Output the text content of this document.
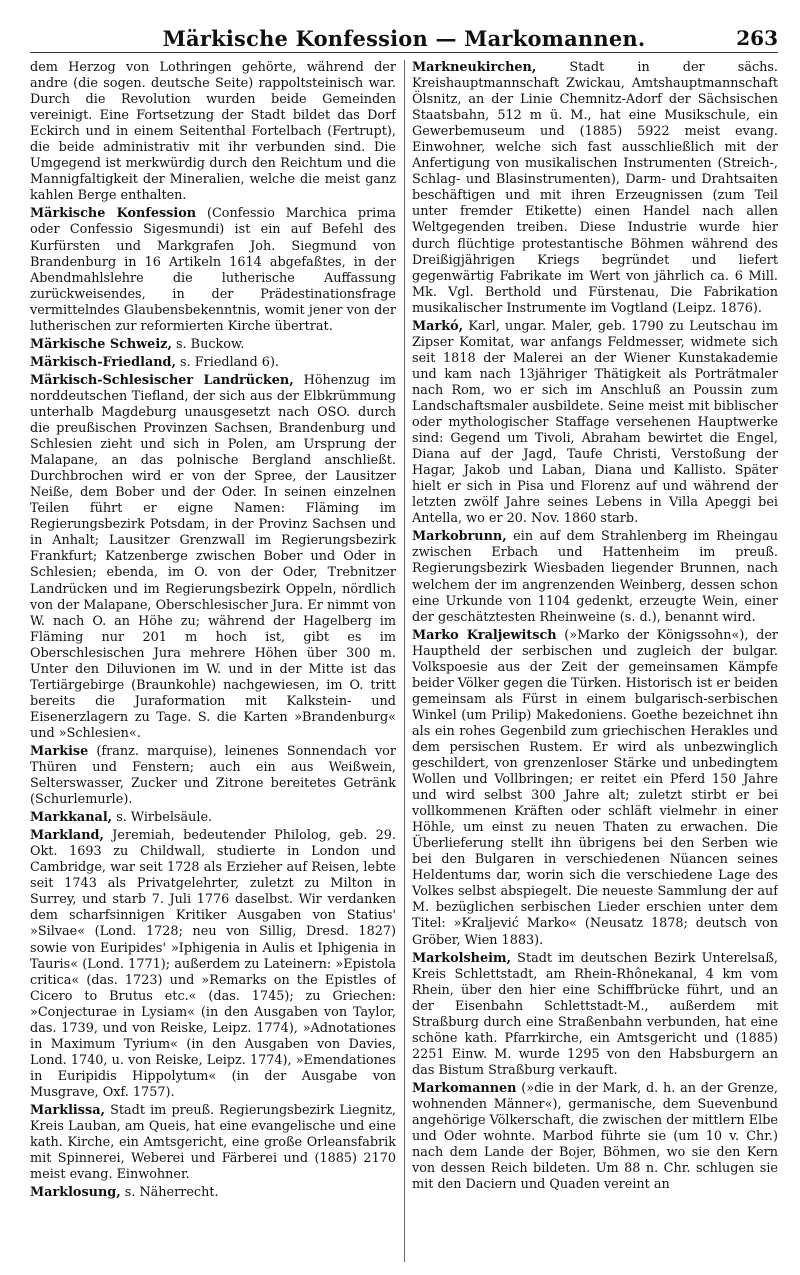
Märkische Konfession — Markomannen.	263

dem Herzog von Lothringen gehörte, während der andre (die sogen. deutsche Seite) rappoltsteinisch war. Durch die Revolution wurden beide Gemeinden vereinigt. Eine Fortsetzung der Stadt bildet das Dorf Eckirch und in einem Seitenthal Fortelbach (Fertrupt), die beide administrativ mit ihr verbunden sind. Die Umgegend ist merkwürdig durch den Reichtum und die Mannigfaltigkeit der Mineralien, welche die meist ganz kahlen Berge enthalten.

Märkische Konfession (Confessio Marchica prima oder Confessio Sigesmundi) ist ein auf Befehl des Kurfürsten und Markgrafen Joh. Siegmund von Brandenburg in 16 Artikeln 1614 abgefaßtes, in der Abendmahlslehre die lutherische Auffassung zurückweisendes, in der Prädestinationsfrage vermittelndes Glaubensbekenntnis, womit jener von der lutherischen zur reformierten Kirche übertrat.

Märkische Schweiz, s. Buckow.

Märkisch-Friedland, s. Friedland 6).

Märkisch-Schlesischer Landrücken, Höhenzug im norddeutschen Tiefland, der sich aus der Elbkrümmung unterhalb Magdeburg unausgesetzt nach OSO. durch die preußischen Provinzen Sachsen, Brandenburg und Schlesien zieht und sich in Polen, am Ursprung der Malapane, an das polnische Bergland anschließt. Durchbrochen wird er von der Spree, der Lausitzer Neiße, dem Bober und der Oder. In seinen einzelnen Teilen führt er eigne Namen: Fläming im Regierungsbezirk Potsdam, in der Provinz Sachsen und in Anhalt; Lausitzer Grenzwall im Regierungsbezirk Frankfurt; Katzenberge zwischen Bober und Oder in Schlesien; ebenda, im O. von der Oder, Trebnitzer Landrücken und im Regierungsbezirk Oppeln, nördlich von der Malapane, Oberschlesischer Jura. Er nimmt von W. nach O. an Höhe zu; während der Hagelberg im Fläming nur 201 m hoch ist, gibt es im Oberschlesischen Jura mehrere Höhen über 300 m. Unter den Diluvionen im W. und in der Mitte ist das Tertiärgebirge (Braunkohle) nachgewiesen, im O. tritt bereits die Juraformation mit Kalkstein- und Eisenerzlagern zu Tage. S. die Karten »Brandenburg« und »Schlesien«.

Markise (franz. marquise), leinenes Sonnendach vor Thüren und Fenstern; auch ein aus Weißwein, Selterswasser, Zucker und Zitrone bereitetes Getränk (Schurlemurle).

Markkanal, s. Wirbelsäule.

Markland, Jeremiah, bedeutender Philolog, geb. 29. Okt. 1693 zu Childwall, studierte in London und Cambridge, war seit 1728 als Erzieher auf Reisen, lebte seit 1743 als Privatgelehrter, zuletzt zu Milton in Surrey, und starb 7. Juli 1776 daselbst. Wir verdanken dem scharfsinnigen Kritiker Ausgaben von Statius' »Silvae« (Lond. 1728; neu von Sillig, Dresd. 1827) sowie von Euripides' »Iphigenia in Aulis et Iphigenia in Tauris« (Lond. 1771); außerdem zu Lateinern: »Epistola critica« (das. 1723) und »Remarks on the Epistles of Cicero to Brutus etc.« (das. 1745); zu Griechen: »Conjecturae in Lysiam« (in den Ausgaben von Taylor, das. 1739, und von Reiske, Leipz. 1774), »Adnotationes in Maximum Tyrium« (in den Ausgaben von Davies, Lond. 1740, u. von Reiske, Leipz. 1774), »Emendationes in Euripidis Hippolytum« (in der Ausgabe von Musgrave, Oxf. 1757).

Marklissa, Stadt im preuß. Regierungsbezirk Liegnitz, Kreis Lauban, am Queis, hat eine evangelische und eine kath. Kirche, ein Amtsgericht, eine große Orleansfabrik mit Spinnerei, Weberei und Färberei und (1885) 2170 meist evang. Einwohner.

Marklosung, s. Näherrecht.

Markneukirchen, Stadt in der sächs. Kreishauptmannschaft Zwickau, Amtshauptmannschaft Ölsnitz, an der Linie Chemnitz-Adorf der Sächsischen Staatsbahn, 512 m ü. M., hat eine Musikschule, ein Gewerbemuseum und (1885) 5922 meist evang. Einwohner, welche sich fast ausschließlich mit der Anfertigung von musikalischen Instrumenten (Streich-, Schlag- und Blasinstrumenten), Darm- und Drahtsaiten beschäftigen und mit ihren Erzeugnissen (zum Teil unter fremder Etikette) einen Handel nach allen Weltgegenden treiben. Diese Industrie wurde hier durch flüchtige protestantische Böhmen während des Dreißigjährigen Kriegs begründet und liefert gegenwärtig Fabrikate im Wert von jährlich ca. 6 Mill. Mk. Vgl. Berthold und Fürstenau, Die Fabrikation musikalischer Instrumente im Vogtland (Leipz. 1876).

Markó, Karl, ungar. Maler, geb. 1790 zu Leutschau im Zipser Komitat, war anfangs Feldmesser, widmete sich seit 1818 der Malerei an der Wiener Kunstakademie und kam nach 13jähriger Thätigkeit als Porträtmaler nach Rom, wo er sich im Anschluß an Poussin zum Landschaftsmaler ausbildete. Seine meist mit biblischer oder mythologischer Staffage versehenen Hauptwerke sind: Gegend um Tivoli, Abraham bewirtet die Engel, Diana auf der Jagd, Taufe Christi, Verstoßung der Hagar, Jakob und Laban, Diana und Kallisto. Später hielt er sich in Pisa und Florenz auf und während der letzten zwölf Jahre seines Lebens in Villa Apeggi bei Antella, wo er 20. Nov. 1860 starb.

Markobrunn, ein auf dem Strahlenberg im Rheingau zwischen Erbach und Hattenheim im preuß. Regierungsbezirk Wiesbaden liegender Brunnen, nach welchem der im angrenzenden Weinberg, dessen schon eine Urkunde von 1104 gedenkt, erzeugte Wein, einer der geschätztesten Rheinweine (s. d.), benannt wird.

Marko Kraljewitsch (»Marko der Königssohn«), der Hauptheld der serbischen und zugleich der bulgar. Volkspoesie aus der Zeit der gemeinsamen Kämpfe beider Völker gegen die Türken. Historisch ist er beiden gemeinsam als Fürst in einem bulgarisch-serbischen Winkel (um Prilip) Makedoniens. Goethe bezeichnet ihn als ein rohes Gegenbild zum griechischen Herakles und dem persischen Rustem. Er wird als unbezwinglich geschildert, von grenzenloser Stärke und unbedingtem Wollen und Vollbringen; er reitet ein Pferd 150 Jahre und wird selbst 300 Jahre alt; zuletzt stirbt er bei vollkommenen Kräften oder schläft vielmehr in einer Höhle, um einst zu neuen Thaten zu erwachen. Die Überlieferung stellt ihn übrigens bei den Serben wie bei den Bulgaren in verschiedenen Nüancen seines Heldentums dar, worin sich die verschiedene Lage des Volkes selbst abspiegelt. Die neueste Sammlung der auf M. bezüglichen serbischen Lieder erschien unter dem Titel: »Kraljević Marko« (Neusatz 1878; deutsch von Gröber, Wien 1883).

Markolsheim, Stadt im deutschen Bezirk Unterelsaß, Kreis Schlettstadt, am Rhein-Rhônekanal, 4 km vom Rhein, über den hier eine Schiffbrücke führt, und an der Eisenbahn Schlettstadt-M., außerdem mit Straßburg durch eine Straßenbahn verbunden, hat eine schöne kath. Pfarrkirche, ein Amtsgericht und (1885) 2251 Einw. M. wurde 1295 von den Habsburgern an das Bistum Straßburg verkauft.

Markomannen (»die in der Mark, d. h. an der Grenze, wohnenden Männer«), germanische, dem Suevenbund angehörige Völkerschaft, die zwischen der mittlern Elbe und Oder wohnte. Marbod führte sie (um 10 v. Chr.) nach dem Lande der Bojer, Böhmen, wo sie den Kern von dessen Reich bildeten. Um 88 n. Chr. schlugen sie mit den Daciern und Quaden vereint an
